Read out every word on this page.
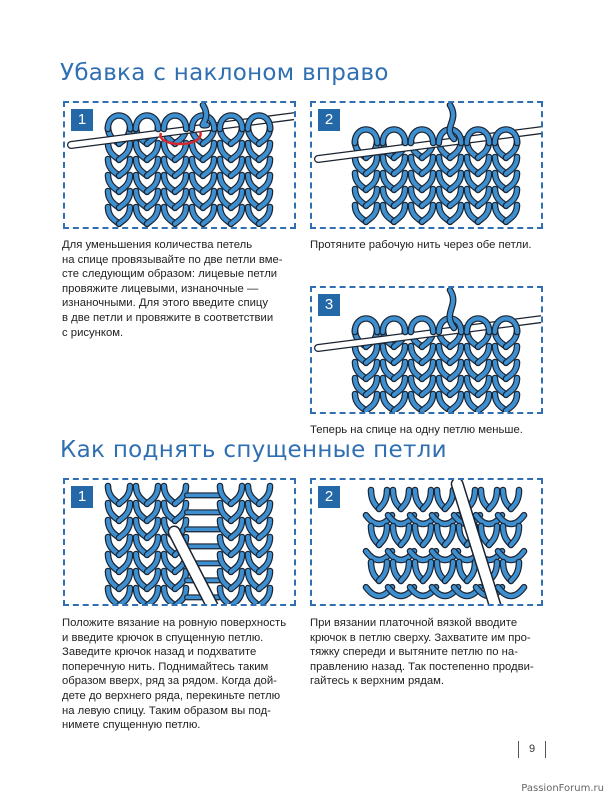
Убавка с наклоном вправо
1	2
Для уменьшения количества петель
на спице провязывайте по две петли вме-
сте следующим образом: лицевые петли
провяжите лицевыми, изнаночные —
изнаночными. Для этого введите спицу
в две петли и провяжите в соответствии
с рисунком.
Протяните рабочую нить через обе петли.
3
Теперь на спице на одну петлю меньше.
Как поднять спущенные петли
1	2
Положите вязание на ровную поверхность
и введите крючок в спущенную петлю.
Заведите крючок назад и подхватите
поперечную нить. Поднимайтесь таким
образом вверх, ряд за рядом. Когда дой-
дете до верхнего ряда, перекиньте петлю
на левую спицу. Таким образом вы под-
нимете спущенную петлю.
При вязании платочной вязкой вводите
крючок в петлю сверху. Захватите им про-
тяжку спереди и вытяните петлю по на-
правлению назад. Так постепенно продви-
гайтесь к верхним рядам.
9
PassionForum.ru
